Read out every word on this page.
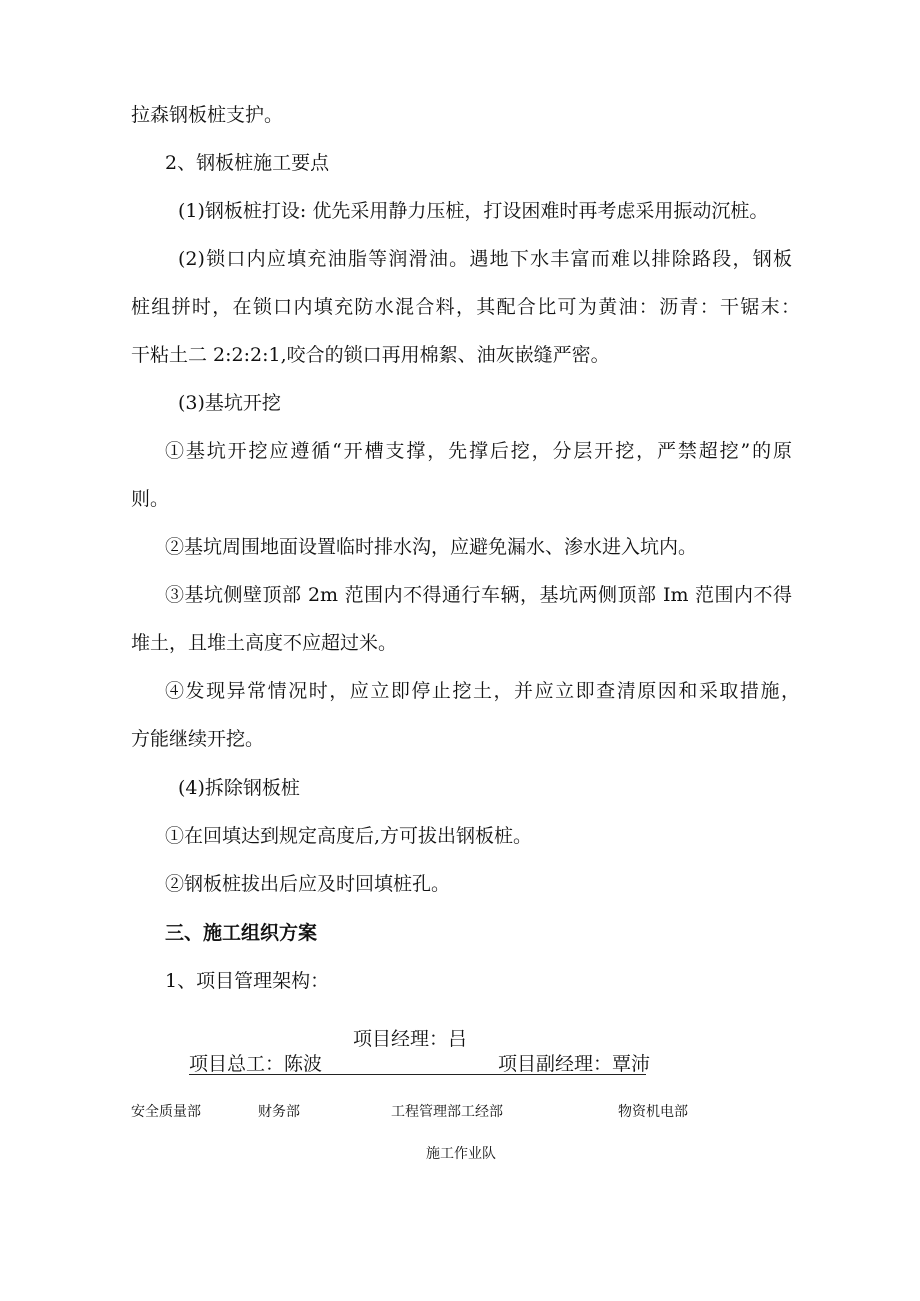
拉森钢板桩支护。
2、钢板桩施工要点
(1)钢板桩打设: 优先采用静力压桩，打设困难时再考虑采用振动沉桩。
(2)锁口内应填充油脂等润滑油。遇地下水丰富而难以排除路段，钢板
桩组拼时，在锁口内填充防水混合料，其配合比可为黄油：沥青：干锯末：
干粘土二 2:2:2:1,咬合的锁口再用棉絮、油灰嵌缝严密。
(3)基坑开挖
①基坑开挖应遵循“开槽支撑，先撑后挖，分层开挖，严禁超挖”的原
则。
②基坑周围地面设置临时排水沟，应避免漏水、渗水进入坑内。
③基坑侧壁顶部 2m 范围内不得通行车辆，基坑两侧顶部 Im 范围内不得
堆土，且堆土高度不应超过米。
④发现异常情况时，应立即停止挖土，并应立即查清原因和采取措施，
方能继续开挖。
(4)拆除钢板桩
①在回填达到规定高度后,方可拔出钢板桩。
②钢板桩拔出后应及时回填桩孔。
三、施工组织方案
1、项目管理架构：
项目经理：吕
项目总工：陈波	项目副经理：覃沛
安全质量部	财务部	工程管理部工经部	物资机电部
施工作业队
